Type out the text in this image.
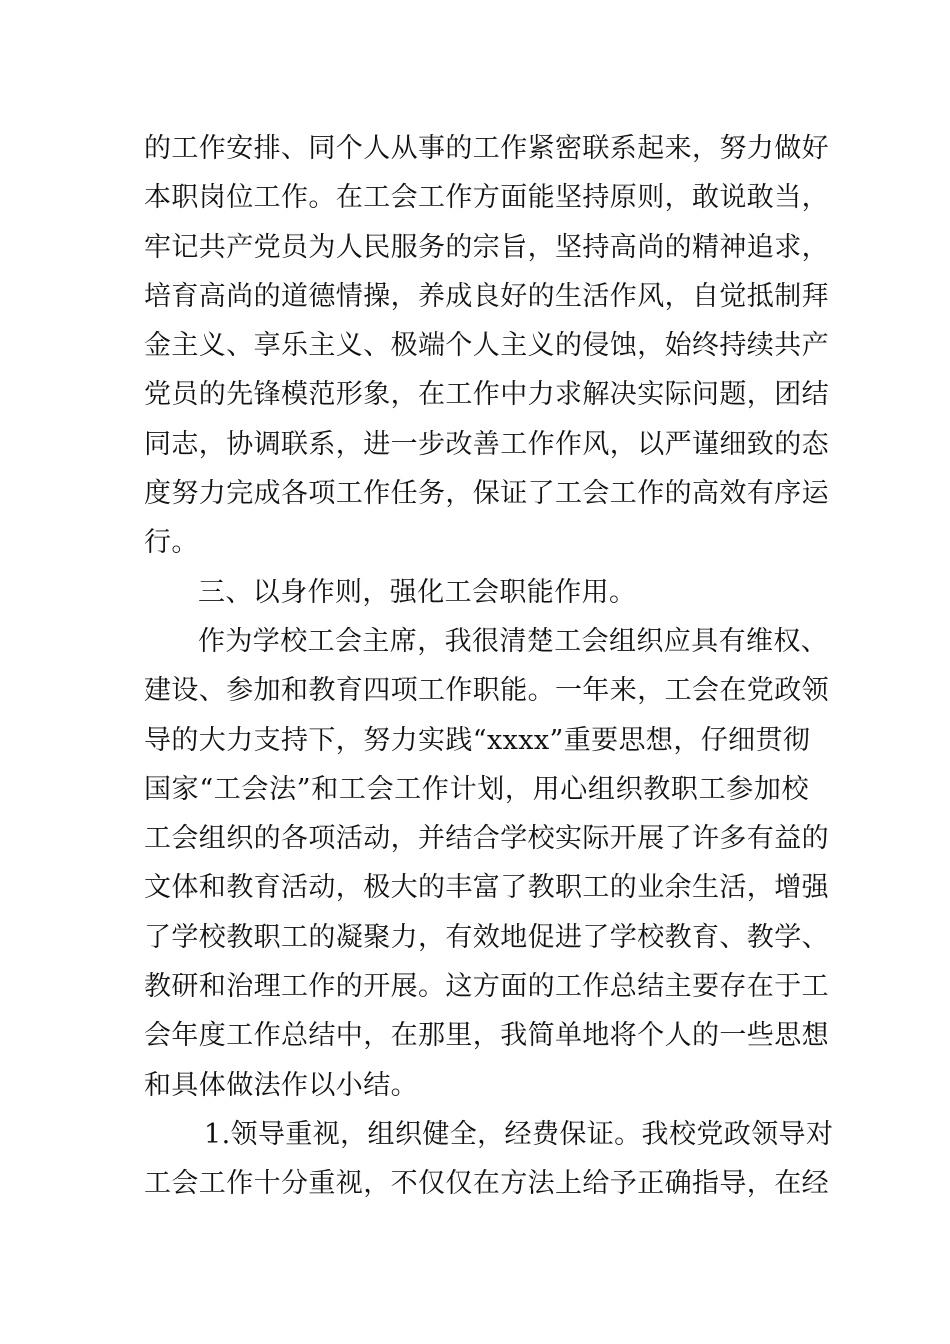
的工作安排、同个人从事的工作紧密联系起来，努力做好
本职岗位工作。在工会工作方面能坚持原则，敢说敢当，
牢记共产党员为人民服务的宗旨，坚持高尚的精神追求，
培育高尚的道德情操，养成良好的生活作风，自觉抵制拜
金主义、享乐主义、极端个人主义的侵蚀，始终持续共产
党员的先锋模范形象，在工作中力求解决实际问题，团结
同志，协调联系，进一步改善工作作风，以严谨细致的态
度努力完成各项工作任务，保证了工会工作的高效有序运
行。

三、以身作则，强化工会职能作用。

作为学校工会主席，我很清楚工会组织应具有维权、
建设、参加和教育四项工作职能。一年来，工会在党政领
导的大力支持下，努力实践“xxxx”重要思想，仔细贯彻
国家“工会法”和工会工作计划，用心组织教职工参加校
工会组织的各项活动，并结合学校实际开展了许多有益的
文体和教育活动，极大的丰富了教职工的业余生活，增强
了学校教职工的凝聚力，有效地促进了学校教育、教学、
教研和治理工作的开展。这方面的工作总结主要存在于工
会年度工作总结中，在那里，我简单地将个人的一些思想
和具体做法作以小结。

1.领导重视，组织健全，经费保证。我校党政领导对
工会工作十分重视，不仅仅在方法上给予正确指导，在经
